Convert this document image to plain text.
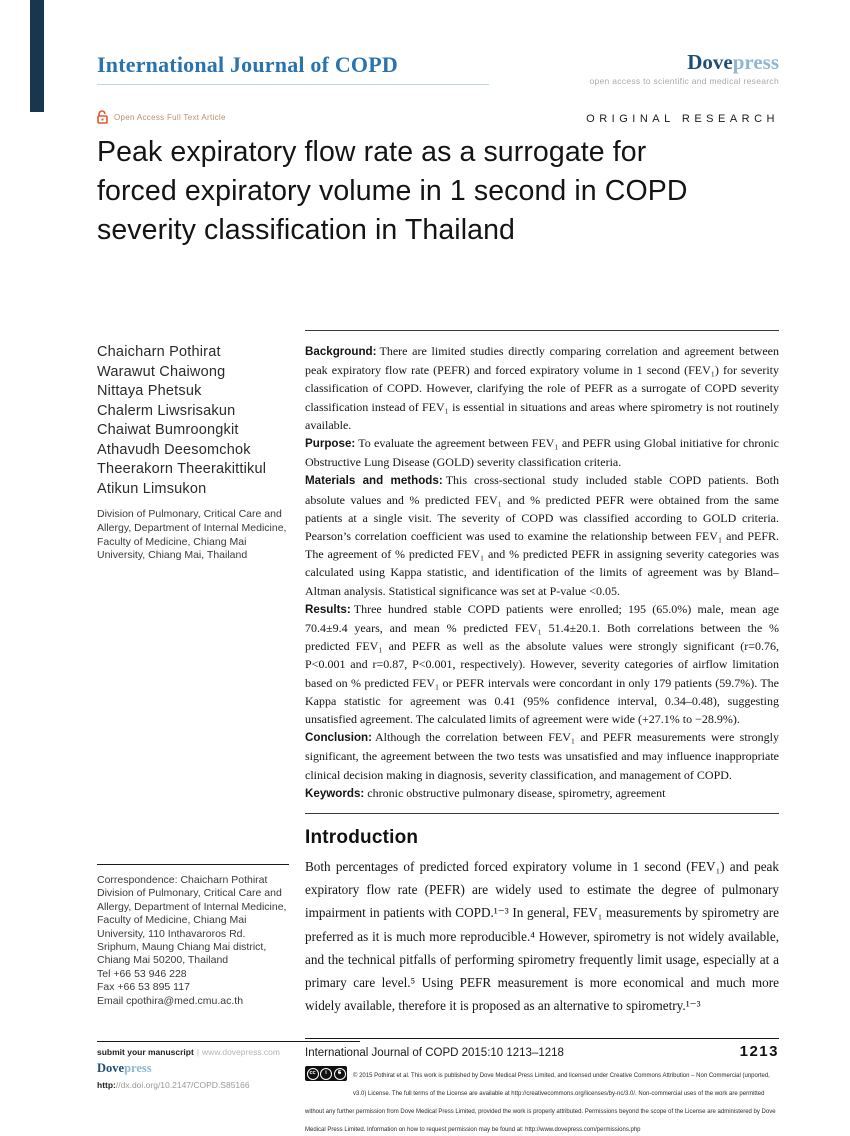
International Journal of COPD	Dovepress
open access to scientific and medical research
Open Access Full Text Article	ORIGINAL RESEARCH
Peak expiratory flow rate as a surrogate for
forced expiratory volume in 1 second in COPD
severity classification in Thailand
Chaicharn Pothirat
Warawut Chaiwong
Nittaya Phetsuk
Chalerm Liwsrisakun
Chaiwat Bumroongkit
Athavudh Deesomchok
Theerakorn Theerakittikul
Atikun Limsukon
Division of Pulmonary, Critical Care and Allergy, Department of Internal Medicine, Faculty of Medicine, Chiang Mai University, Chiang Mai, Thailand
Correspondence: Chaicharn Pothirat
Division of Pulmonary, Critical Care and Allergy, Department of Internal Medicine, Faculty of Medicine, Chiang Mai University, 110 Inthavaroros Rd. Sriphum, Maung Chiang Mai district, Chiang Mai 50200, Thailand
Tel +66 53 946 228
Fax +66 53 895 117
Email cpothira@med.cmu.ac.th

Background: There are limited studies directly comparing correlation and agreement between peak expiratory flow rate (PEFR) and forced expiratory volume in 1 second (FEV₁) for severity classification of COPD. However, clarifying the role of PEFR as a surrogate of COPD severity classification instead of FEV₁ is essential in situations and areas where spirometry is not routinely available.

Purpose: To evaluate the agreement between FEV₁ and PEFR using Global initiative for chronic Obstructive Lung Disease (GOLD) severity classification criteria.

Materials and methods: This cross-sectional study included stable COPD patients. Both absolute values and % predicted FEV₁ and % predicted PEFR were obtained from the same patients at a single visit. The severity of COPD was classified according to GOLD criteria. Pearson’s correlation coefficient was used to examine the relationship between FEV₁ and PEFR. The agreement of % predicted FEV₁ and % predicted PEFR in assigning severity categories was calculated using Kappa statistic, and identification of the limits of agreement was by Bland–Altman analysis. Statistical significance was set at P-value <0.05.

Results: Three hundred stable COPD patients were enrolled; 195 (65.0%) male, mean age 70.4±9.4 years, and mean % predicted FEV₁ 51.4±20.1. Both correlations between the % predicted FEV₁ and PEFR as well as the absolute values were strongly significant (r=0.76, P<0.001 and r=0.87, P<0.001, respectively). However, severity categories of airflow limitation based on % predicted FEV₁ or PEFR intervals were concordant in only 179 patients (59.7%). The Kappa statistic for agreement was 0.41 (95% confidence interval, 0.34–0.48), suggesting unsatisfied agreement. The calculated limits of agreement were wide (+27.1% to −28.9%).

Conclusion: Although the correlation between FEV₁ and PEFR measurements were strongly significant, the agreement between the two tests was unsatisfied and may influence inappropriate clinical decision making in diagnosis, severity classification, and management of COPD.

Keywords: chronic obstructive pulmonary disease, spirometry, agreement

Introduction

Both percentages of predicted forced expiratory volume in 1 second (FEV₁) and peak expiratory flow rate (PEFR) are widely used to estimate the degree of pulmonary impairment in patients with COPD.¹⁻³ In general, FEV₁ measurements by spirometry are preferred as it is much more reproducible.⁴ However, spirometry is not widely available, and the technical pitfalls of performing spirometry frequently limit usage, especially at a primary care level.⁵ Using PEFR measurement is more economical and much more widely available, therefore it is proposed as an alternative to spirometry.¹⁻³

submit your manuscript | www.dovepress.com
Dovepress
http://dx.doi.org/10.2147/COPD.S85166
International Journal of COPD 2015:10 1213–1218	1213
cc	i	$
© 2015 Pothirat et al. This work is published by Dove Medical Press Limited, and licensed under Creative Commons Attribution – Non Commercial (unported, v3.0) License. The full terms of the License are available at http://creativecommons.org/licenses/by-nc/3.0/. Non-commercial uses of the work are permitted without any further permission from Dove Medical Press Limited, provided the work is properly attributed. Permissions beyond the scope of the License are administered by Dove Medical Press Limited. Information on how to request permission may be found at: http://www.dovepress.com/permissions.php
